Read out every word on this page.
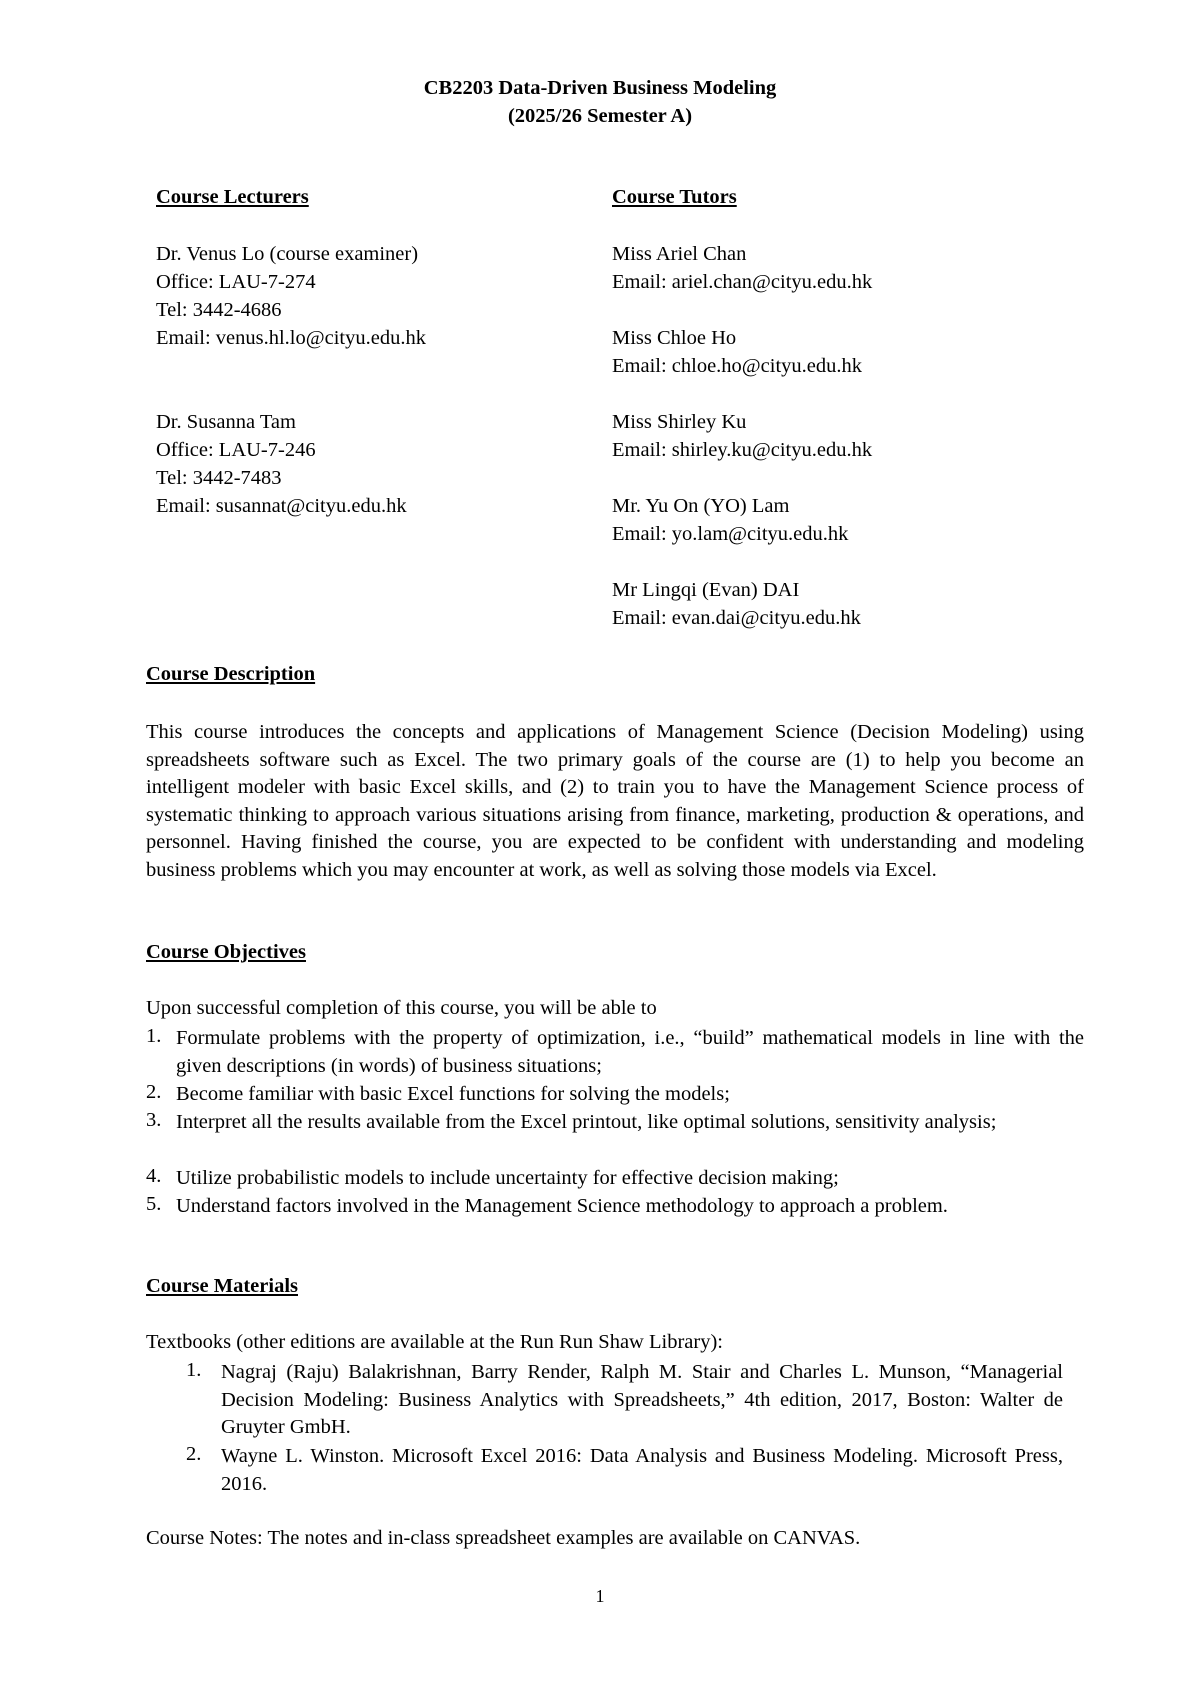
CB2203 Data-Driven Business Modeling
(2025/26 Semester A)
Course Lecturers
Dr. Venus Lo (course examiner)
Office: LAU-7-274
Tel: 3442-4686
Email: venus.hl.lo@cityu.edu.hk
Dr. Susanna Tam
Office: LAU-7-246
Tel: 3442-7483
Email: susannat@cityu.edu.hk
Course Tutors
Miss Ariel Chan
Email: ariel.chan@cityu.edu.hk
Miss Chloe Ho
Email: chloe.ho@cityu.edu.hk
Miss Shirley Ku
Email: shirley.ku@cityu.edu.hk
Mr. Yu On (YO) Lam
Email: yo.lam@cityu.edu.hk
Mr Lingqi (Evan) DAI
Email: evan.dai@cityu.edu.hk
Course Description
This course introduces the concepts and applications of Management Science (Decision Modeling) using spreadsheets software such as Excel. The two primary goals of the course are (1) to help you become an intelligent modeler with basic Excel skills, and (2) to train you to have the Management Science process of systematic thinking to approach various situations arising from finance, marketing, production & operations, and personnel. Having finished the course, you are expected to be confident with understanding and modeling business problems which you may encounter at work, as well as solving those models via Excel.
Course Objectives
Upon successful completion of this course, you will be able to
1. Formulate problems with the property of optimization, i.e., “build” mathematical models in line with the given descriptions (in words) of business situations;
2. Become familiar with basic Excel functions for solving the models;
3. Interpret all the results available from the Excel printout, like optimal solutions, sensitivity analysis;
4. Utilize probabilistic models to include uncertainty for effective decision making;
5. Understand factors involved in the Management Science methodology to approach a problem.
Course Materials
Textbooks (other editions are available at the Run Run Shaw Library):
1. Nagraj (Raju) Balakrishnan, Barry Render, Ralph M. Stair and Charles L. Munson, “Managerial Decision Modeling: Business Analytics with Spreadsheets,” 4th edition, 2017, Boston: Walter de Gruyter GmbH.
2. Wayne L. Winston. Microsoft Excel 2016: Data Analysis and Business Modeling. Microsoft Press, 2016.
Course Notes: The notes and in-class spreadsheet examples are available on CANVAS.
1
